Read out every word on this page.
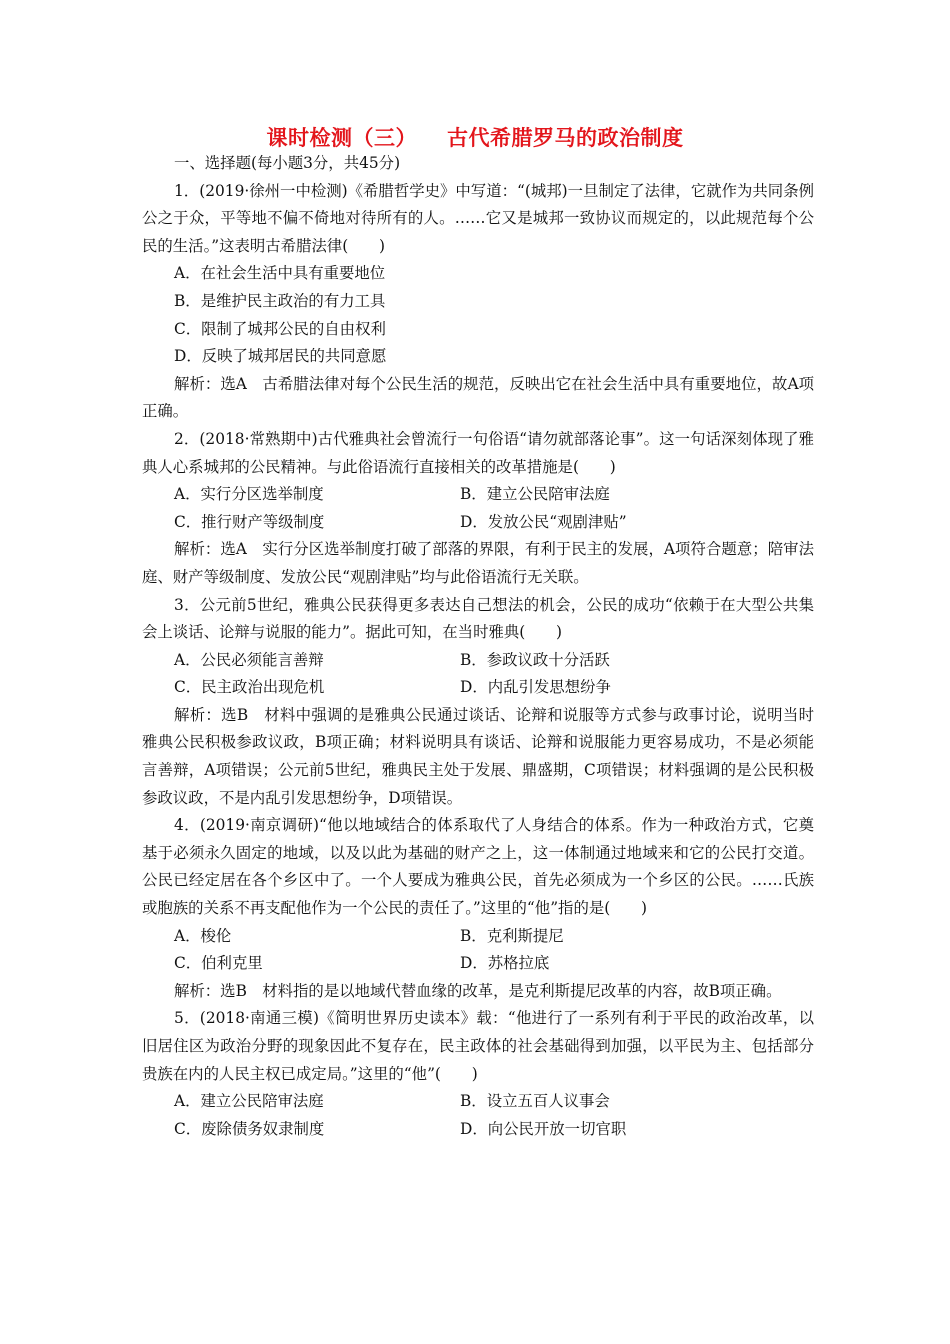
课时检测（三） 古代希腊罗马的政治制度

一、选择题(每小题3分，共45分)

1．(2019·徐州一中检测)《希腊哲学史》中写道：“(城邦)一旦制定了法律，它就作为共同条例公之于众，平等地不偏不倚地对待所有的人。……它又是城邦一致协议而规定的，以此规范每个公民的生活。”这表明古希腊法律(　　)

A．在社会生活中具有重要地位

B．是维护民主政治的有力工具

C．限制了城邦公民的自由权利

D．反映了城邦居民的共同意愿

解析：选A　古希腊法律对每个公民生活的规范，反映出它在社会生活中具有重要地位，故A项正确。

2．(2018·常熟期中)古代雅典社会曾流行一句俗语“请勿就部落论事”。这一句话深刻体现了雅典人心系城邦的公民精神。与此俗语流行直接相关的改革措施是(　　)

A．实行分区选举制度	B．建立公民陪审法庭
C．推行财产等级制度	D．发放公民“观剧津贴”

解析：选A　实行分区选举制度打破了部落的界限，有利于民主的发展，A项符合题意；陪审法庭、财产等级制度、发放公民“观剧津贴”均与此俗语流行无关联。

3．公元前5世纪，雅典公民获得更多表达自己想法的机会，公民的成功“依赖于在大型公共集会上谈话、论辩与说服的能力”。据此可知，在当时雅典(　　)

A．公民必须能言善辩	B．参政议政十分活跃
C．民主政治出现危机	D．内乱引发思想纷争

解析：选B　材料中强调的是雅典公民通过谈话、论辩和说服等方式参与政事讨论，说明当时雅典公民积极参政议政，B项正确；材料说明具有谈话、论辩和说服能力更容易成功，不是必须能言善辩，A项错误；公元前5世纪，雅典民主处于发展、鼎盛期，C项错误；材料强调的是公民积极参政议政，不是内乱引发思想纷争，D项错误。

4．(2019·南京调研)“他以地域结合的体系取代了人身结合的体系。作为一种政治方式，它奠基于必须永久固定的地域，以及以此为基础的财产之上，这一体制通过地域来和它的公民打交道。公民已经定居在各个乡区中了。一个人要成为雅典公民，首先必须成为一个乡区的公民。……氏族或胞族的关系不再支配他作为一个公民的责任了。”这里的“他”指的是(　　)

A．梭伦	B．克利斯提尼
C．伯利克里	D．苏格拉底

解析：选B　材料指的是以地域代替血缘的改革，是克利斯提尼改革的内容，故B项正确。

5．(2018·南通三模)《简明世界历史读本》载：“他进行了一系列有利于平民的政治改革，以旧居住区为政治分野的现象因此不复存在，民主政体的社会基础得到加强，以平民为主、包括部分贵族在内的人民主权已成定局。”这里的“他”(　　)

A．建立公民陪审法庭	B．设立五百人议事会
C．废除债务奴隶制度	D．向公民开放一切官职
